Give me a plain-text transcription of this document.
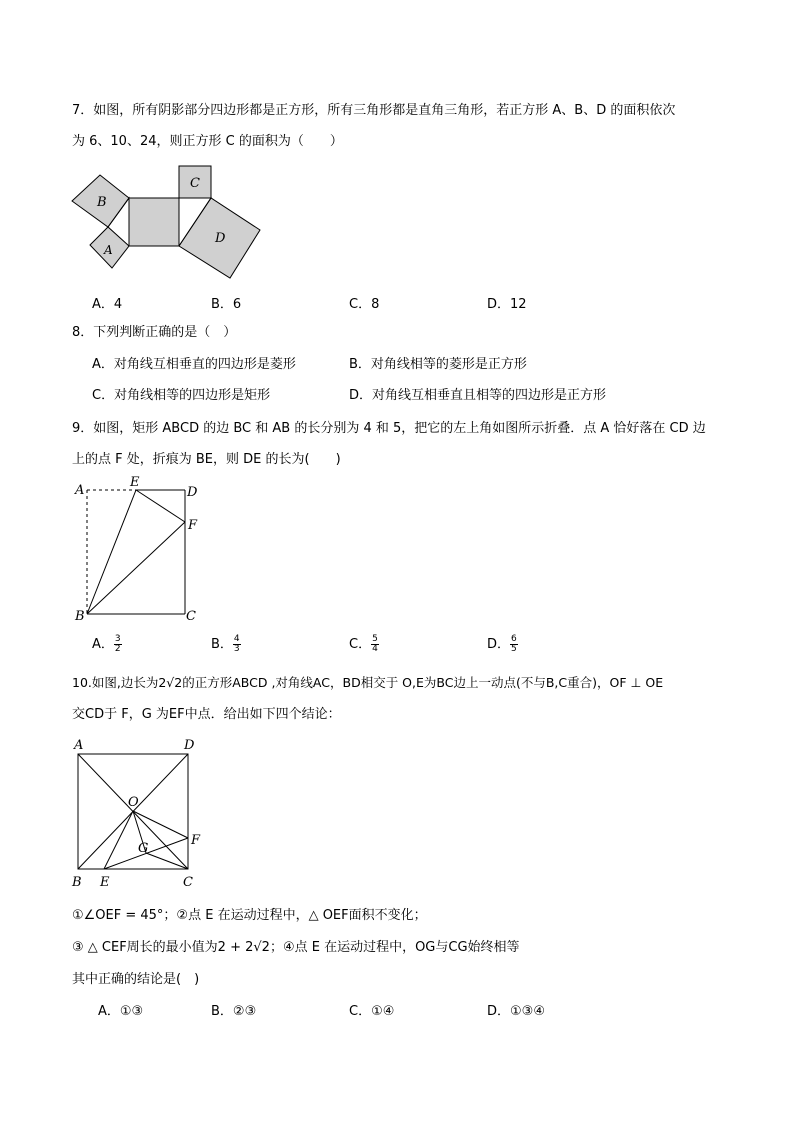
7．如图，所有阴影部分四边形都是正方形，所有三角形都是直角三角形，若正方形 A、B、D 的面积依次
为 6、10、24，则正方形 C 的面积为（　　）
B
C
D
A
A．4	B．6	C．8	D．12
8．下列判断正确的是（　）
A．对角线互相垂直的四边形是菱形	B．对角线相等的菱形是正方形
C．对角线相等的四边形是矩形	D．对角线互相垂直且相等的四边形是正方形
9．如图，矩形 ABCD 的边 BC 和 AB 的长分别为 4 和 5，把它的左上角如图所示折叠．点 A 恰好落在 CD 边
上的点 F 处，折痕为 BE，则 DE 的长为(　　)
A
E
D
F
B	C
A． $\frac{3}{2}$	B． $\frac{4}{3}$	C． $\frac{5}{4}$	D． $\frac{6}{5}$
10.如图,边长为2√2的正方形ABCD ,对角线AC，BD相交于 O,E为BC边上一动点(不与B,C重合)，OF ⊥ OE
交CD于 F，G 为EF中点．给出如下四个结论：
A	D
O
F
G
B E	C
①∠OEF = 45°；②点 E 在运动过程中，△ OEF面积不变化；
③ △ CEF周长的最小值为2 + 2√2；④点 E 在运动过程中，OG与CG始终相等
其中正确的结论是(　)
A．①③	B．②③	C．①④	D．①③④
